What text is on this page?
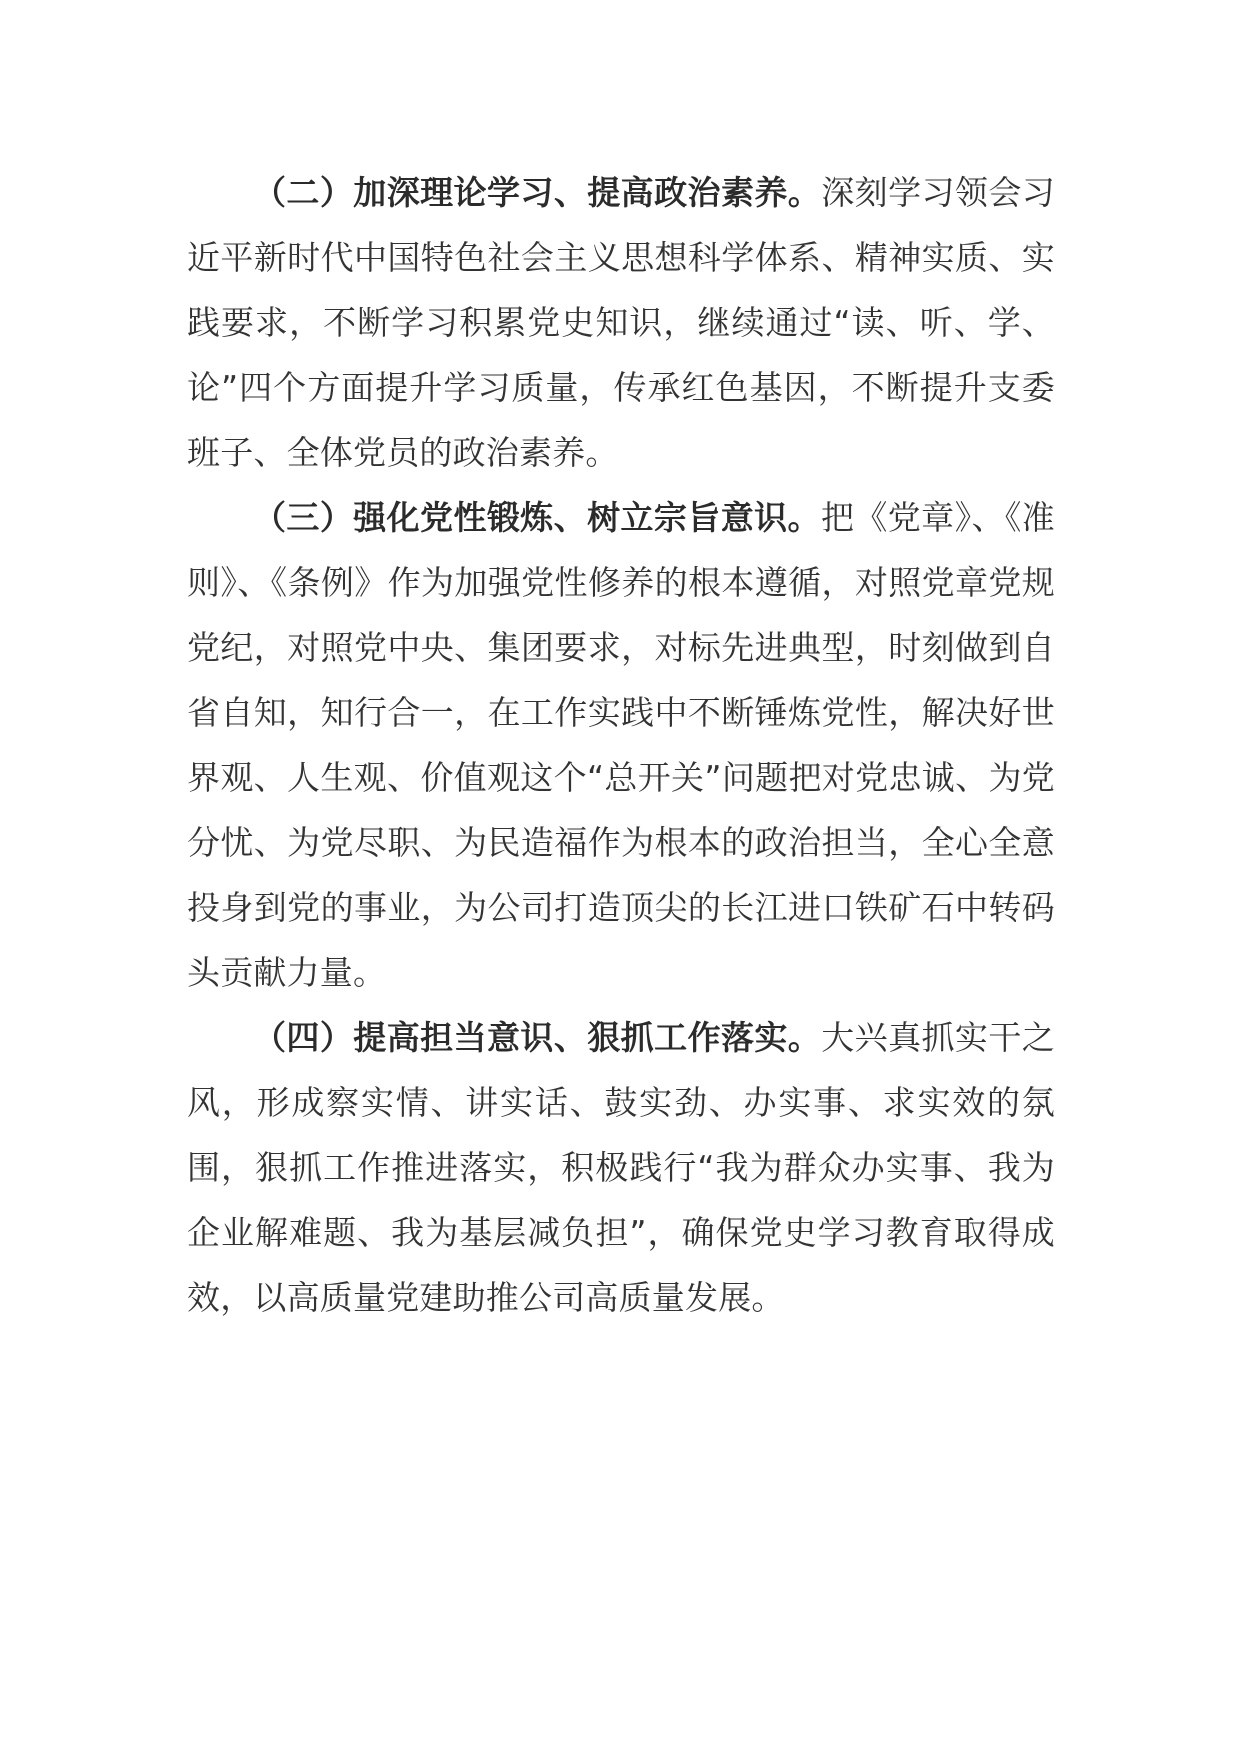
（二）加深理论学习、提高政治素养。深刻学习领会习近平新时代中国特色社会主义思想科学体系、精神实质、实践要求，不断学习积累党史知识，继续通过“读、听、学、论”四个方面提升学习质量，传承红色基因，不断提升支委班子、全体党员的政治素养。

（三）强化党性锻炼、树立宗旨意识。把《党章》、《准则》、《条例》作为加强党性修养的根本遵循，对照党章党规党纪，对照党中央、集团要求，对标先进典型，时刻做到自省自知，知行合一，在工作实践中不断锤炼党性，解决好世界观、人生观、价值观这个“总开关”问题把对党忠诚、为党分忧、为党尽职、为民造福作为根本的政治担当，全心全意投身到党的事业，为公司打造顶尖的长江进口铁矿石中转码头贡献力量。

（四）提高担当意识、狠抓工作落实。大兴真抓实干之风，形成察实情、讲实话、鼓实劲、办实事、求实效的氛围，狠抓工作推进落实，积极践行“我为群众办实事、我为企业解难题、我为基层减负担”，确保党史学习教育取得成效，以高质量党建助推公司高质量发展。
